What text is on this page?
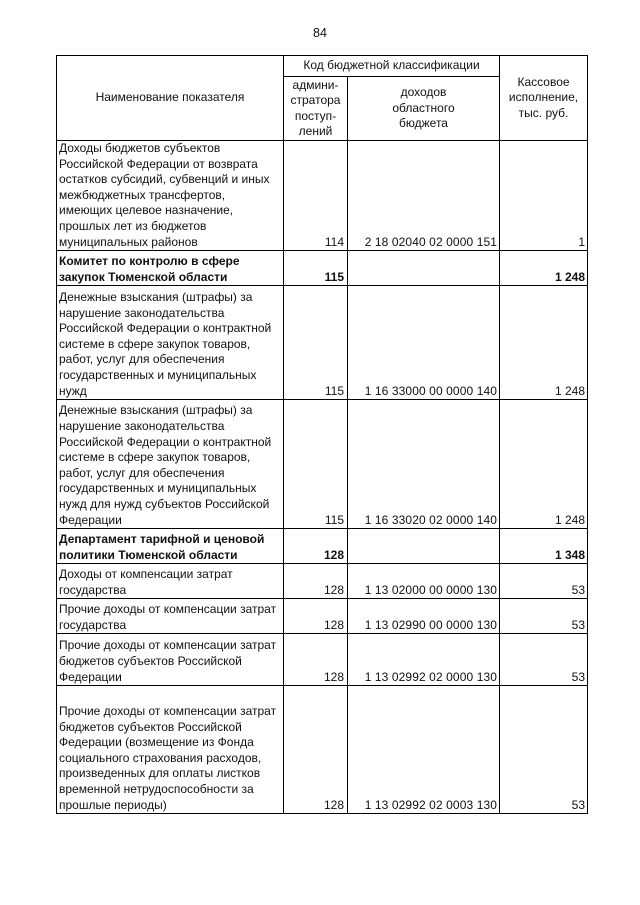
84
Наименование показателя	Код бюджетной классификации		Кассовое исполнение, тыс. руб.
	админи-стратора поступ-лений	доходов областного бюджета	
Доходы бюджетов субъектов Российской Федерации от возврата остатков субсидий, субвенций и иных межбюджетных трансфертов, имеющих целевое назначение, прошлых лет из бюджетов муниципальных районов	114	2 18 02040 02 0000 151	1
Комитет по контролю в сфере закупок Тюменской области	115		1 248
Денежные взыскания (штрафы) за нарушение законодательства Российской Федерации о контрактной системе в сфере закупок товаров, работ, услуг для обеспечения государственных и муниципальных нужд	115	1 16 33000 00 0000 140	1 248
Денежные взыскания (штрафы) за нарушение законодательства Российской Федерации о контрактной системе в сфере закупок товаров, работ, услуг для обеспечения государственных и муниципальных нужд для нужд субъектов Российской Федерации	115	1 16 33020 02 0000 140	1 248
Департамент тарифной и ценовой политики Тюменской области	128		1 348
Доходы от компенсации затрат государства	128	1 13 02000 00 0000 130	53
Прочие доходы от компенсации затрат государства	128	1 13 02990 00 0000 130	53
Прочие доходы от компенсации затрат бюджетов субъектов Российской Федерации	128	1 13 02992 02 0000 130	53
Прочие доходы от компенсации затрат бюджетов субъектов Российской Федерации (возмещение из Фонда социального страхования расходов, произведенных для оплаты листков временной нетрудоспособности за прошлые периоды)	128	1 13 02992 02 0003 130	53
